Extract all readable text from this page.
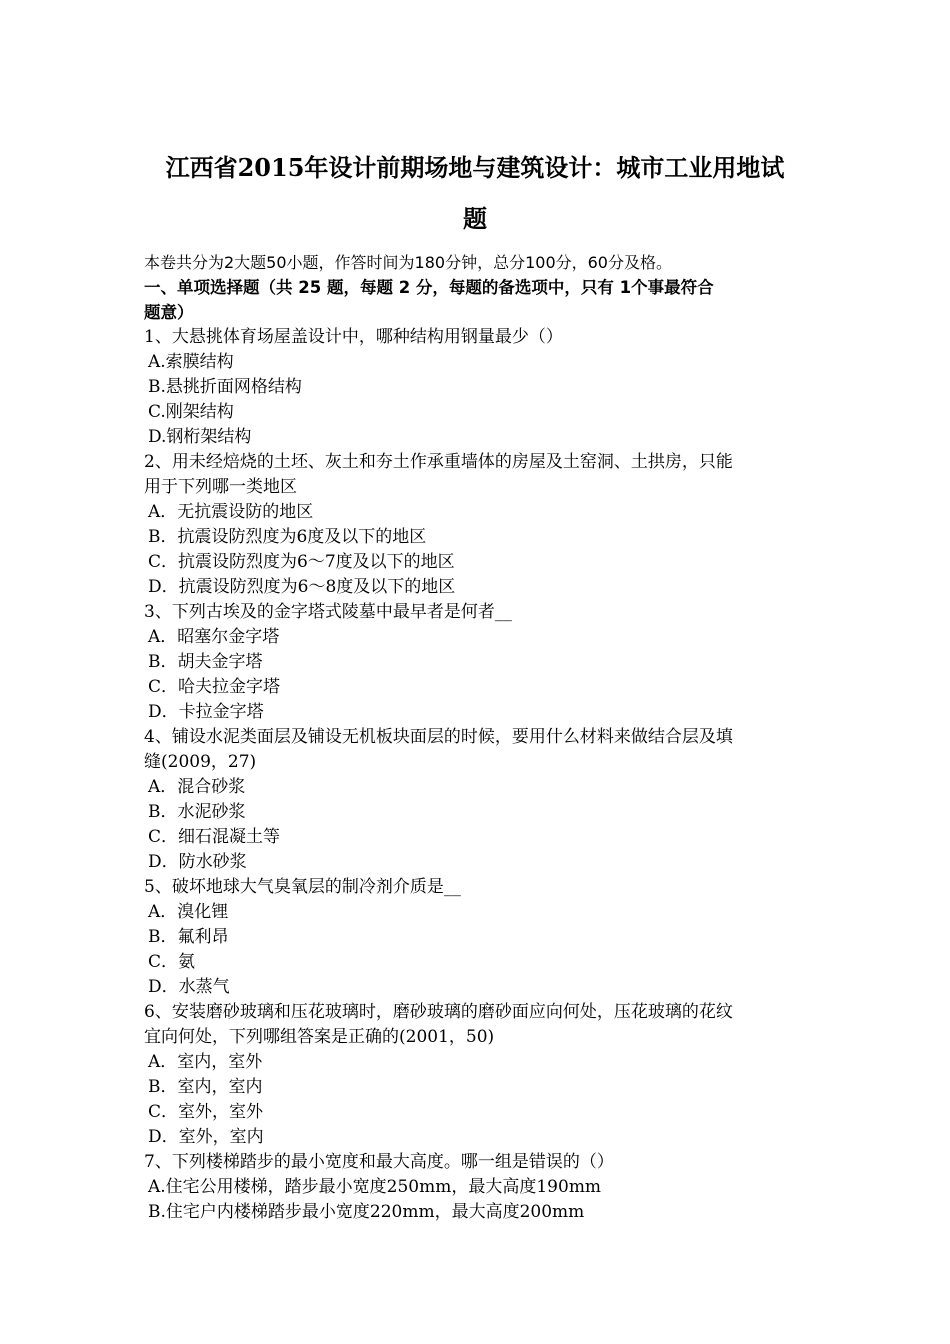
江西省2015年设计前期场地与建筑设计：城市工业用地试
题

本卷共分为2大题50小题，作答时间为180分钟，总分100分，60分及格。

一、单项选择题（共 25 题，每题 2 分，每题的备选项中，只有 1个事最符合

题意）

1、大悬挑体育场屋盖设计中，哪种结构用钢量最少（）

A.索膜结构

B.悬挑折面网格结构

C.刚架结构

D.钢桁架结构

2、用未经焙烧的土坯、灰土和夯土作承重墙体的房屋及土窑洞、土拱房，只能

用于下列哪一类地区

A．无抗震设防的地区

B．抗震设防烈度为6度及以下的地区

C．抗震设防烈度为6～7度及以下的地区

D．抗震设防烈度为6～8度及以下的地区

3、下列古埃及的金字塔式陵墓中最早者是何者__

A．昭塞尔金字塔

B．胡夫金字塔

C．哈夫拉金字塔

D．卡拉金字塔

4、铺设水泥类面层及铺设无机板块面层的时候，要用什么材料来做结合层及填

缝(2009，27)

A．混合砂浆

B．水泥砂浆

C．细石混凝土等

D．防水砂浆

5、破坏地球大气臭氧层的制冷剂介质是__

A．溴化锂

B．氟利昂

C．氨

D．水蒸气

6、安装磨砂玻璃和压花玻璃时，磨砂玻璃的磨砂面应向何处，压花玻璃的花纹

宜向何处，下列哪组答案是正确的(2001，50)

A．室内，室外

B．室内，室内

C．室外，室外

D．室外，室内

7、下列楼梯踏步的最小宽度和最大高度。哪一组是错误的（）

A.住宅公用楼梯，踏步最小宽度250mm，最大高度190mm

B.住宅户内楼梯踏步最小宽度220mm，最大高度200mm
